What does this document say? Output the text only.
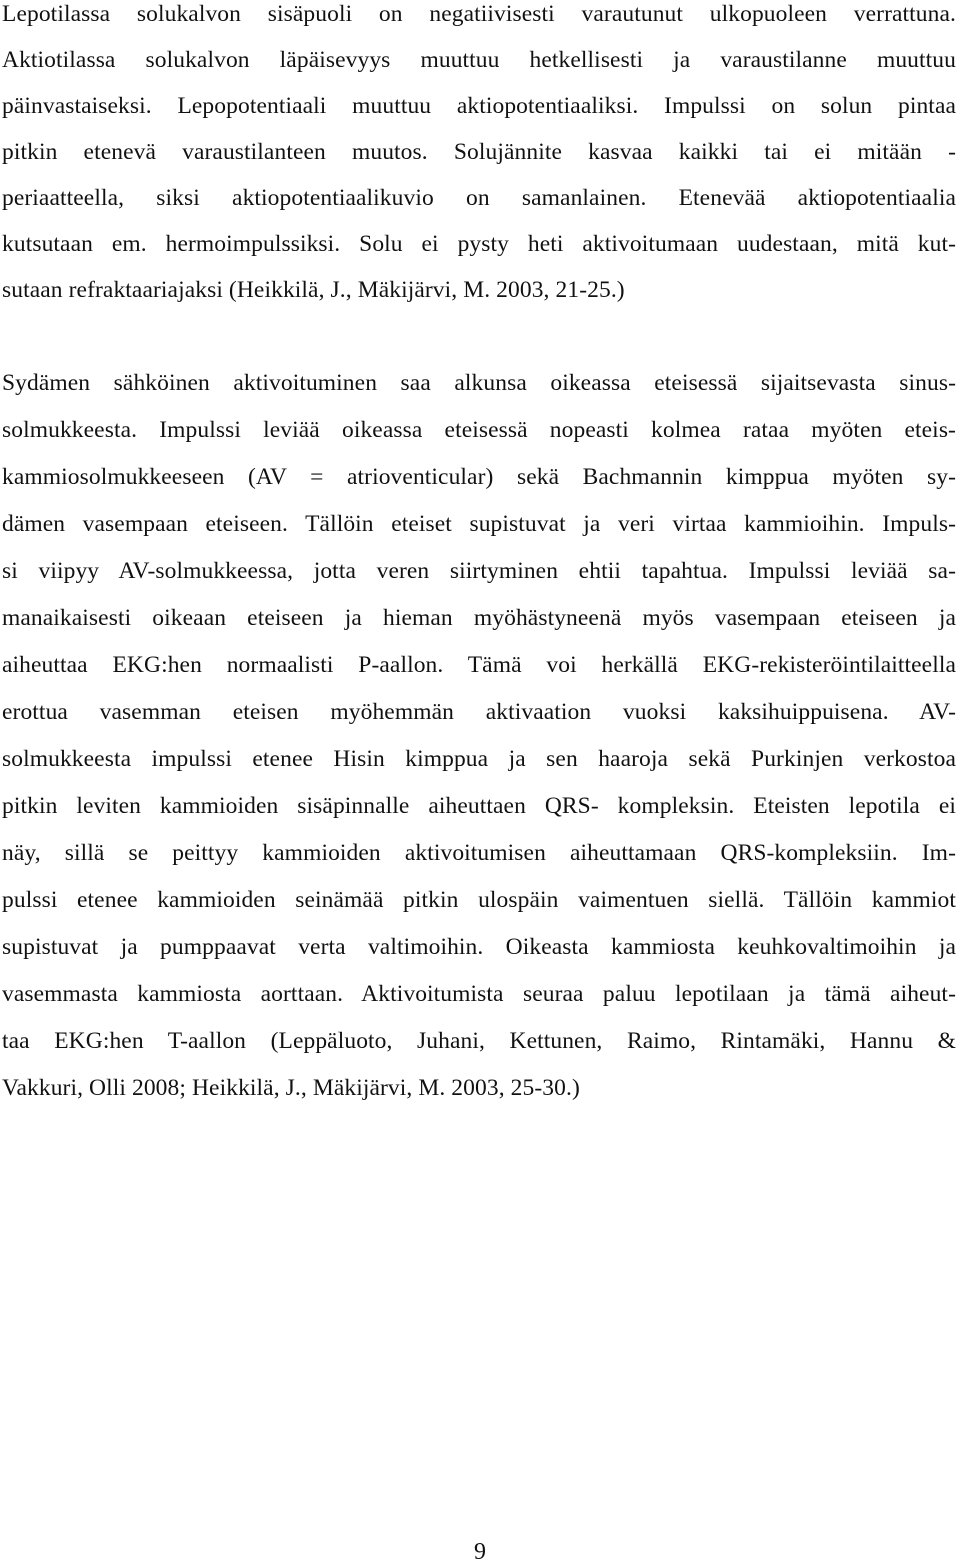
Lepotilassa solukalvon sisäpuoli on negatiivisesti varautunut ulkopuoleen verrattuna.
Aktiotilassa solukalvon läpäisevyys muuttuu hetkellisesti ja varaustilanne muuttuu
päinvastaiseksi. Lepopotentiaali muuttuu aktiopotentiaaliksi. Impulssi on solun pintaa
pitkin etenevä varaustilanteen muutos. Solujännite kasvaa kaikki tai ei mitään -
periaatteella, siksi aktiopotentiaalikuvio on samanlainen. Etenevää aktiopotentiaalia
kutsutaan em. hermoimpulssiksi. Solu ei pysty heti aktivoitumaan uudestaan, mitä kut-
sutaan refraktaariajaksi (Heikkilä, J., Mäkijärvi, M. 2003, 21-25.)
Sydämen sähköinen aktivoituminen saa alkunsa oikeassa eteisessä sijaitsevasta sinus-
solmukkeesta. Impulssi leviää oikeassa eteisessä nopeasti kolmea rataa myöten eteis-
kammiosolmukkeeseen (AV = atrioventicular) sekä Bachmannin kimppua myöten sy-
dämen vasempaan eteiseen. Tällöin eteiset supistuvat ja veri virtaa kammioihin. Impuls-
si viipyy AV-solmukkeessa, jotta veren siirtyminen ehtii tapahtua. Impulssi leviää sa-
manaikaisesti oikeaan eteiseen ja hieman myöhästyneenä myös vasempaan eteiseen ja
aiheuttaa EKG:hen normaalisti P-aallon. Tämä voi herkällä EKG-rekisteröintilaitteella
erottua vasemman eteisen myöhemmän aktivaation vuoksi kaksihuippuisena. AV-
solmukkeesta impulssi etenee Hisin kimppua ja sen haaroja sekä Purkinjen verkostoa
pitkin leviten kammioiden sisäpinnalle aiheuttaen QRS- kompleksin. Eteisten lepotila ei
näy, sillä se peittyy kammioiden aktivoitumisen aiheuttamaan QRS-kompleksiin. Im-
pulssi etenee kammioiden seinämää pitkin ulospäin vaimentuen siellä. Tällöin kammiot
supistuvat ja pumppaavat verta valtimoihin. Oikeasta kammiosta keuhkovaltimoihin ja
vasemmasta kammiosta aorttaan. Aktivoitumista seuraa paluu lepotilaan ja tämä aiheut-
taa EKG:hen T-aallon (Leppäluoto, Juhani, Kettunen, Raimo, Rintamäki, Hannu &
Vakkuri, Olli 2008; Heikkilä, J., Mäkijärvi, M. 2003, 25-30.)
9
